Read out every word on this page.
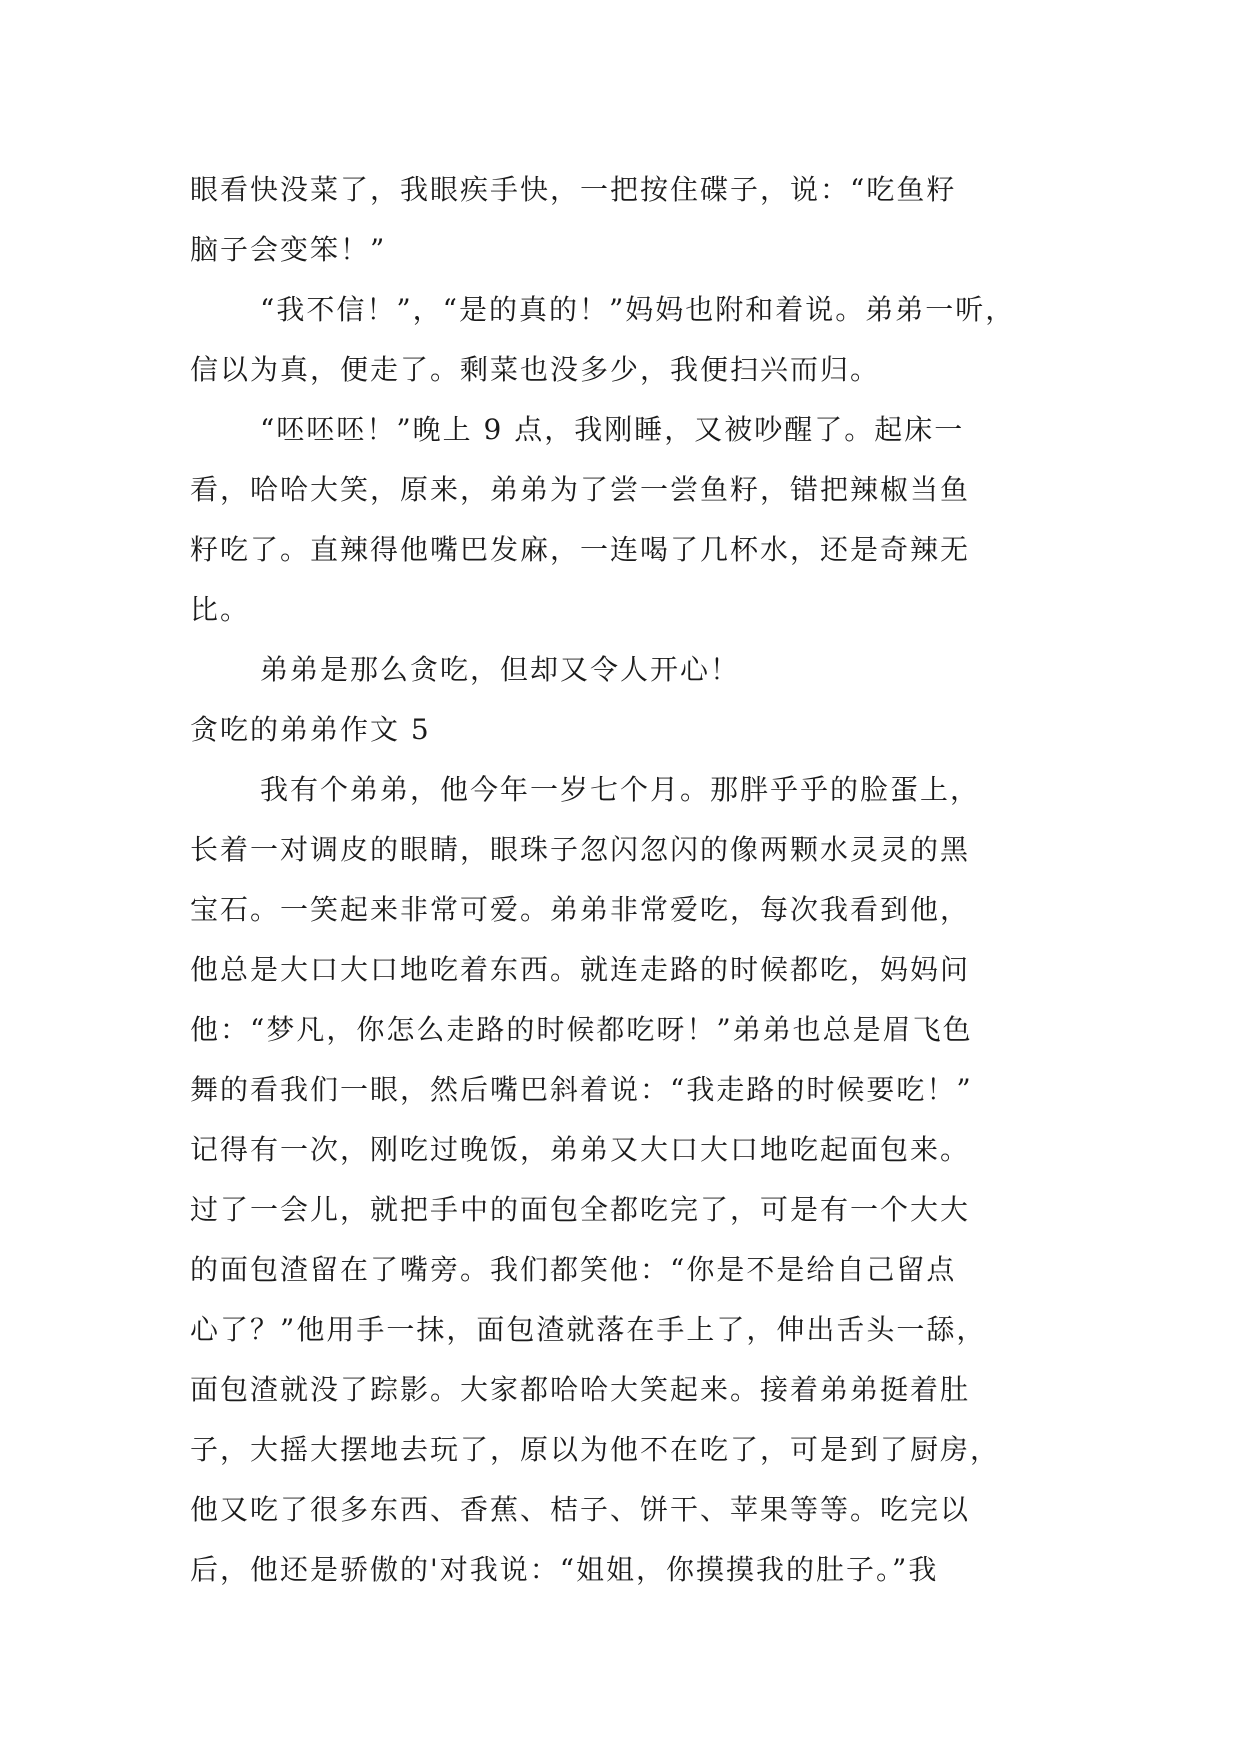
眼看快没菜了，我眼疾手快，一把按住碟子，说：“吃鱼籽
脑子会变笨！”
“我不信！”，“是的真的！”妈妈也附和着说。弟弟一听，
信以为真，便走了。剩菜也没多少，我便扫兴而归。
“呸呸呸！”晚上 9 点，我刚睡，又被吵醒了。起床一
看，哈哈大笑，原来，弟弟为了尝一尝鱼籽，错把辣椒当鱼
籽吃了。直辣得他嘴巴发麻，一连喝了几杯水，还是奇辣无
比。
弟弟是那么贪吃，但却又令人开心！
贪吃的弟弟作文 5
我有个弟弟，他今年一岁七个月。那胖乎乎的脸蛋上，
长着一对调皮的眼睛，眼珠子忽闪忽闪的像两颗水灵灵的黑
宝石。一笑起来非常可爱。弟弟非常爱吃，每次我看到他，
他总是大口大口地吃着东西。就连走路的时候都吃，妈妈问
他：“梦凡，你怎么走路的时候都吃呀！”弟弟也总是眉飞色
舞的看我们一眼，然后嘴巴斜着说：“我走路的时候要吃！”
记得有一次，刚吃过晚饭，弟弟又大口大口地吃起面包来。
过了一会儿，就把手中的面包全都吃完了，可是有一个大大
的面包渣留在了嘴旁。我们都笑他：“你是不是给自己留点
心了？”他用手一抹，面包渣就落在手上了，伸出舌头一舔，
面包渣就没了踪影。大家都哈哈大笑起来。接着弟弟挺着肚
子，大摇大摆地去玩了，原以为他不在吃了，可是到了厨房，
他又吃了很多东西、香蕉、桔子、饼干、苹果等等。吃完以
后，他还是骄傲的'对我说：“姐姐，你摸摸我的肚子。”我
